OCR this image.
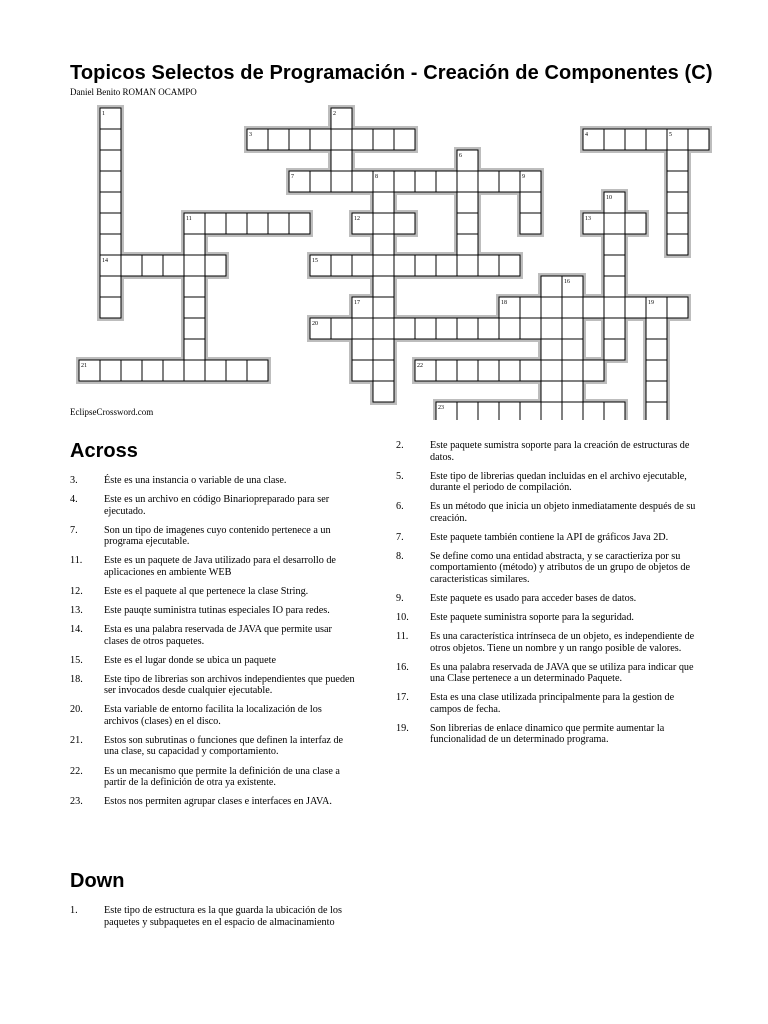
Topicos Selectos de Programación - Creación de Componentes (C)
Daniel Benito ROMAN OCAMPO
1	2
3	4	5
6
7	8	9
10
11	12	13
14	15
16
17	18	19
20
21	22
23
EclipseCrossword.com
Across
3.	Éste es una instancia o variable de una clase.
4.	Este es un archivo en código Binariopreparado para ser ejecutado.
7.	Son un tipo de imagenes cuyo contenido pertenece a un programa ejecutable.
11.	Este es un paquete de Java utilizado para el desarrollo de aplicaciones en ambiente WEB
12.	Este es el paquete al que pertenece la clase String.
13.	Este pauqte suministra tutinas especiales IO para redes.
14.	Esta es una palabra reservada de JAVA que permite usar clases de otros paquetes.
15.	Este es el lugar donde se ubica un paquete
18.	Este tipo de librerias son archivos independientes que pueden ser invocados desde cualquier ejecutable.
20.	Esta variable de entorno facilita la localización de los archivos (clases) en el disco.
21.	Estos son subrutinas o funciones que definen la interfaz de una clase, su capacidad y comportamiento.
22.	Es un mecanismo que permite la definición de una clase a partir de la definición de otra ya existente.
23.	Estos nos permiten agrupar clases e interfaces en JAVA.
2.	Este paquete sumistra soporte para la creación de estructuras de datos.
5.	Este tipo de librerias quedan incluidas en el archivo ejecutable, durante el periodo de compilación.
6.	Es un método que inicia un objeto inmediatamente después de su creación.
7.	Este paquete también contiene la API de gráficos Java 2D.
8.	Se define como una entidad abstracta, y se caractieriza por su comportamiento (método) y atributos de un grupo de objetos de caracteristicas similares.
9.	Este paquete es usado para acceder bases de datos.
10.	Este paquete suministra soporte para la seguridad.
11.	Es una característica intrínseca de un objeto, es independiente de otros objetos. Tiene un nombre y un rango posible de valores.
16.	Es una palabra reservada de JAVA que se utiliza para indicar que una Clase pertenece a un determinado Paquete.
17.	Esta es una clase utilizada principalmente para la gestion de campos de fecha.
19.	Son librerias de enlace dinamico que permite aumentar la funcionalidad de un determinado programa.
Down
1.	Este tipo de estructura es la que guarda la ubicación de los paquetes y subpaquetes en el espacio de almacinamiento
